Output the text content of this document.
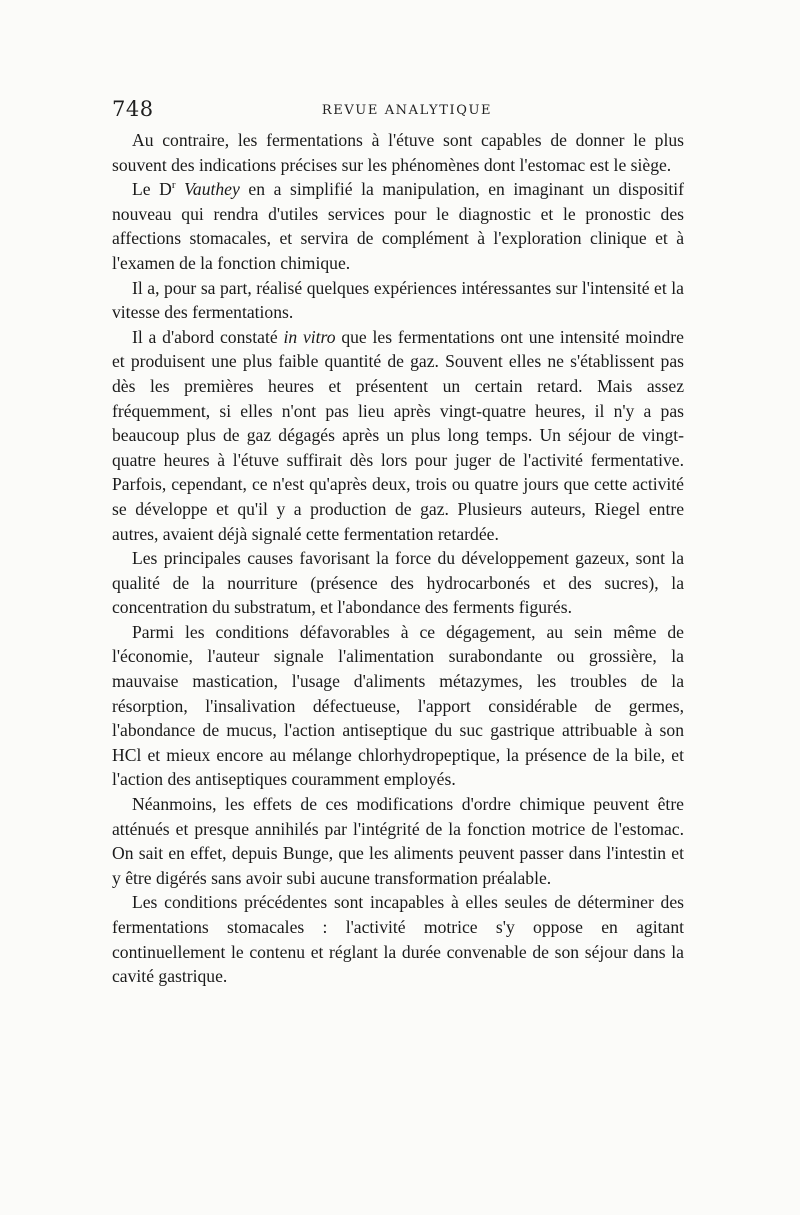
748	REVUE ANALYTIQUE

Au contraire, les fermentations à l'étuve sont capables de donner le plus souvent des indications précises sur les phénomènes dont l'estomac est le siège.

Le $D^r$ Vauthey en a simplifié la manipulation, en imaginant un dispositif nouveau qui rendra d'utiles services pour le diagnostic et le pronostic des affections stomacales, et servira de complément à l'exploration clinique et à l'examen de la fonction chimique.

Il a, pour sa part, réalisé quelques expériences intéressantes sur l'intensité et la vitesse des fermentations.

Il a d'abord constaté in vitro que les fermentations ont une intensité moindre et produisent une plus faible quantité de gaz. Souvent elles ne s'établissent pas dès les premières heures et présentent un certain retard. Mais assez fréquemment, si elles n'ont pas lieu après vingt-quatre heures, il n'y a pas beaucoup plus de gaz dégagés après un plus long temps. Un séjour de vingt-quatre heures à l'étuve suffirait dès lors pour juger de l'activité fermentative. Parfois, cependant, ce n'est qu'après deux, trois ou quatre jours que cette activité se développe et qu'il y a production de gaz. Plusieurs auteurs, Riegel entre autres, avaient déjà signalé cette fermentation retardée.

Les principales causes favorisant la force du développement gazeux, sont la qualité de la nourriture (présence des hydrocarbonés et des sucres), la concentration du substratum, et l'abondance des ferments figurés.

Parmi les conditions défavorables à ce dégagement, au sein même de l'économie, l'auteur signale l'alimentation surabondante ou grossière, la mauvaise mastication, l'usage d'aliments métazymes, les troubles de la résorption, l'insalivation défectueuse, l'apport considérable de germes, l'abondance de mucus, l'action antiseptique du suc gastrique attribuable à son HCl et mieux encore au mélange chlorhydropeptique, la présence de la bile, et l'action des antiseptiques couramment employés.

Néanmoins, les effets de ces modifications d'ordre chimique peuvent être atténués et presque annihilés par l'intégrité de la fonction motrice de l'estomac. On sait en effet, depuis Bunge, que les aliments peuvent passer dans l'intestin et y être digérés sans avoir subi aucune transformation préalable.

Les conditions précédentes sont incapables à elles seules de déterminer des fermentations stomacales : l'activité motrice s'y oppose en agitant continuellement le contenu et réglant la durée convenable de son séjour dans la cavité gastrique.
